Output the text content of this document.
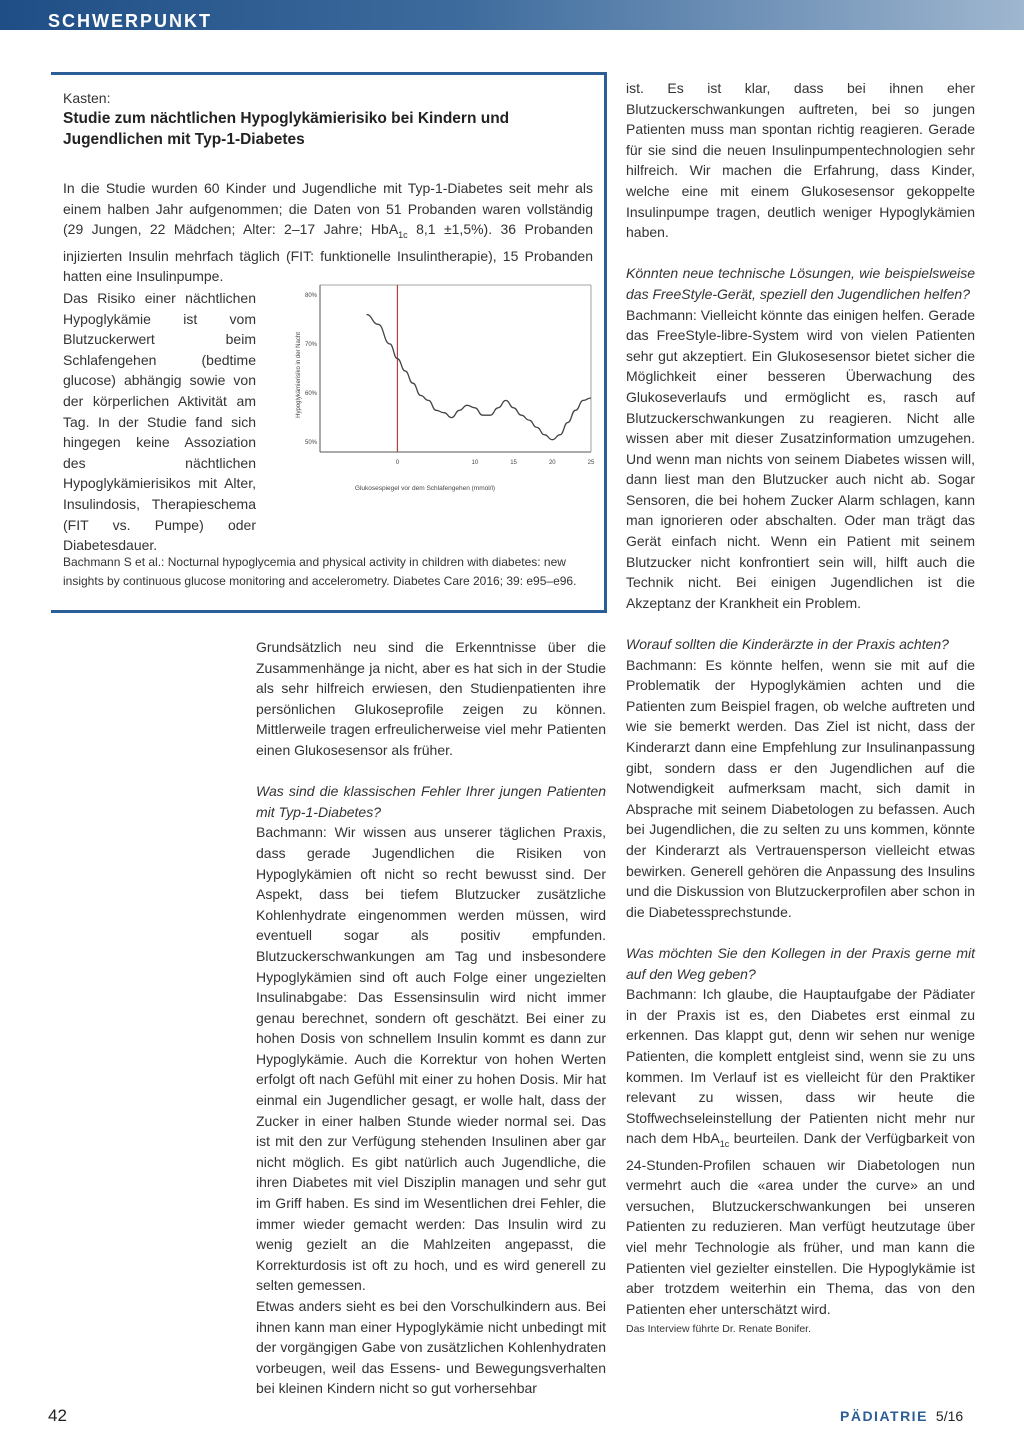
SCHWERPUNKT
Kasten:
Studie zum nächtlichen Hypoglykämierisiko bei Kindern und Jugendlichen mit Typ-1-Diabetes
In die Studie wurden 60 Kinder und Jugendliche mit Typ-1-Diabetes seit mehr als einem halben Jahr aufgenommen; die Daten von 51 Probanden waren vollständig (29 Jungen, 22 Mädchen; Alter: 2–17 Jahre; HbA$_{1c}$ 8,1 ±1,5%). 36 Probanden injizierten Insulin mehrfach täglich (FIT: funktionelle Insulintherapie), 15 Probanden hatten eine Insulinpumpe.
Das Risiko einer nächtlichen Hypoglykämie ist vom Blutzuckerwert beim Schlafengehen (bedtime glucose) abhängig sowie von der körperlichen Aktivität am Tag. In der Studie fand sich hingegen keine Assoziation des nächtlichen Hypoglykämierisikos mit Alter, Insulindosis, Therapieschema (FIT vs. Pumpe) oder Diabetesdauer.
80%
70%
60%
50%
0	10	15	20	25
Glukosespiegel vor dem Schlafengehen (mmol/l)
Hypoglykämierisiko in der Nacht
Bachmann S et al.: Nocturnal hypoglycemia and physical activity in children with diabetes: new insights by continuous glucose monitoring and accelerometry. Diabetes Care 2016; 39: e95–e96.

Grundsätzlich neu sind die Erkenntnisse über die Zusammenhänge ja nicht, aber es hat sich in der Studie als sehr hilfreich erwiesen, den Studienpatienten ihre persönlichen Glukoseprofile zeigen zu können. Mittlerweile tragen erfreulicherweise viel mehr Patienten einen Glukosesensor als früher.

Was sind die klassischen Fehler Ihrer jungen Patienten mit Typ-1-Diabetes?

Bachmann: Wir wissen aus unserer täglichen Praxis, dass gerade Jugendlichen die Risiken von Hypoglykämien oft nicht so recht bewusst sind. Der Aspekt, dass bei tiefem Blutzucker zusätzliche Kohlenhydrate eingenommen werden müssen, wird eventuell sogar als positiv empfunden. Blutzuckerschwankungen am Tag und insbesondere Hypoglykämien sind oft auch Folge einer ungezielten Insulinabgabe: Das Essensinsulin wird nicht immer genau berechnet, sondern oft geschätzt. Bei einer zu hohen Dosis von schnellem Insulin kommt es dann zur Hypoglykämie. Auch die Korrektur von hohen Werten erfolgt oft nach Gefühl mit einer zu hohen Dosis. Mir hat einmal ein Jugendlicher gesagt, er wolle halt, dass der Zucker in einer halben Stunde wieder normal sei. Das ist mit den zur Verfügung stehenden Insulinen aber gar nicht möglich. Es gibt natürlich auch Jugendliche, die ihren Diabetes mit viel Disziplin managen und sehr gut im Griff haben. Es sind im Wesentlichen drei Fehler, die immer wieder gemacht werden: Das Insulin wird zu wenig gezielt an die Mahlzeiten angepasst, die Korrekturdosis ist oft zu hoch, und es wird generell zu selten gemessen.

Etwas anders sieht es bei den Vorschulkindern aus. Bei ihnen kann man einer Hypoglykämie nicht unbedingt mit der vorgängigen Gabe von zusätzlichen Kohlenhydraten vorbeugen, weil das Essens- und Bewegungsverhalten bei kleinen Kindern nicht so gut vorhersehbar

ist. Es ist klar, dass bei ihnen eher Blutzuckerschwankungen auftreten, bei so jungen Patienten muss man spontan richtig reagieren. Gerade für sie sind die neuen Insulinpumpentechnologien sehr hilfreich. Wir machen die Erfahrung, dass Kinder, welche eine mit einem Glukosesensor gekoppelte Insulinpumpe tragen, deutlich weniger Hypoglykämien haben.

Könnten neue technische Lösungen, wie beispielsweise das FreeStyle-Gerät, speziell den Jugendlichen helfen?

Bachmann: Vielleicht könnte das einigen helfen. Gerade das FreeStyle-libre-System wird von vielen Patienten sehr gut akzeptiert. Ein Glukosesensor bietet sicher die Möglichkeit einer besseren Überwachung des Glukoseverlaufs und ermöglicht es, rasch auf Blutzuckerschwankungen zu reagieren. Nicht alle wissen aber mit dieser Zusatzinformation umzugehen. Und wenn man nichts von seinem Diabetes wissen will, dann liest man den Blutzucker auch nicht ab. Sogar Sensoren, die bei hohem Zucker Alarm schlagen, kann man ignorieren oder abschalten. Oder man trägt das Gerät einfach nicht. Wenn ein Patient mit seinem Blutzucker nicht konfrontiert sein will, hilft auch die Technik nicht. Bei einigen Jugendlichen ist die Akzeptanz der Krankheit ein Problem.

Worauf sollten die Kinderärzte in der Praxis achten?

Bachmann: Es könnte helfen, wenn sie mit auf die Problematik der Hypoglykämien achten und die Patienten zum Beispiel fragen, ob welche auftreten und wie sie bemerkt werden. Das Ziel ist nicht, dass der Kinderarzt dann eine Empfehlung zur Insulinanpassung gibt, sondern dass er den Jugendlichen auf die Notwendigkeit aufmerksam macht, sich damit in Absprache mit seinem Diabetologen zu befassen. Auch bei Jugendlichen, die zu selten zu uns kommen, könnte der Kinderarzt als Vertrauensperson vielleicht etwas bewirken. Generell gehören die Anpassung des Insulins und die Diskussion von Blutzuckerprofilen aber schon in die Diabetessprechstunde.

Was möchten Sie den Kollegen in der Praxis gerne mit auf den Weg geben?

Bachmann: Ich glaube, die Hauptaufgabe der Pädiater in der Praxis ist es, den Diabetes erst einmal zu erkennen. Das klappt gut, denn wir sehen nur wenige Patienten, die komplett entgleist sind, wenn sie zu uns kommen. Im Verlauf ist es vielleicht für den Praktiker relevant zu wissen, dass wir heute die Stoffwechseleinstellung der Patienten nicht mehr nur nach dem HbA$_{1c}$ beurteilen. Dank der Verfügbarkeit von 24-Stunden-Profilen schauen wir Diabetologen nun vermehrt auch die «area under the curve» an und versuchen, Blutzuckerschwankungen bei unseren Patienten zu reduzieren. Man verfügt heutzutage über viel mehr Technologie als früher, und man kann die Patienten viel gezielter einstellen. Die Hypoglykämie ist aber trotzdem weiterhin ein Thema, das von den Patienten eher unterschätzt wird.

Das Interview führte Dr. Renate Bonifer.

42	PÄDIATRIE 5/16
